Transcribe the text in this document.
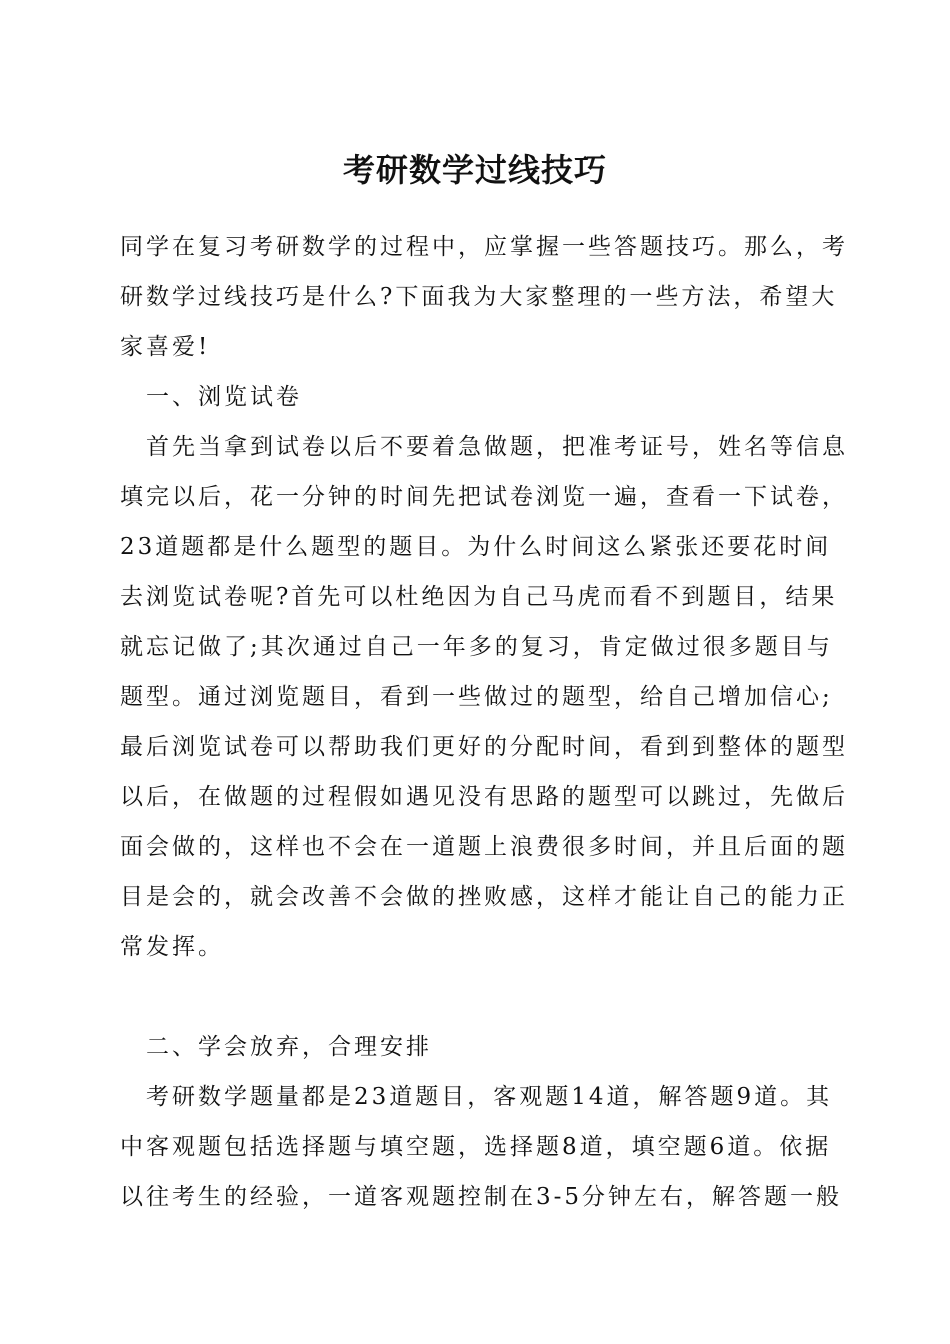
考研数学过线技巧
同学在复习考研数学的过程中，应掌握一些答题技巧。那么，考
研数学过线技巧是什么?下面我为大家整理的一些方法，希望大
家喜爱!
　一、浏览试卷
　首先当拿到试卷以后不要着急做题，把准考证号，姓名等信息
填完以后，花一分钟的时间先把试卷浏览一遍，查看一下试卷，
23道题都是什么题型的题目。为什么时间这么紧张还要花时间
去浏览试卷呢?首先可以杜绝因为自己马虎而看不到题目，结果
就忘记做了;其次通过自己一年多的复习，肯定做过很多题目与
题型。通过浏览题目，看到一些做过的题型，给自己增加信心;
最后浏览试卷可以帮助我们更好的分配时间，看到到整体的题型
以后，在做题的过程假如遇见没有思路的题型可以跳过，先做后
面会做的，这样也不会在一道题上浪费很多时间，并且后面的题
目是会的，就会改善不会做的挫败感，这样才能让自己的能力正
常发挥。
　二、学会放弃，合理安排
　考研数学题量都是23道题目，客观题14道，解答题9道。其
中客观题包括选择题与填空题，选择题8道，填空题6道。依据
以往考生的经验，一道客观题控制在3-5分钟左右，解答题一般
